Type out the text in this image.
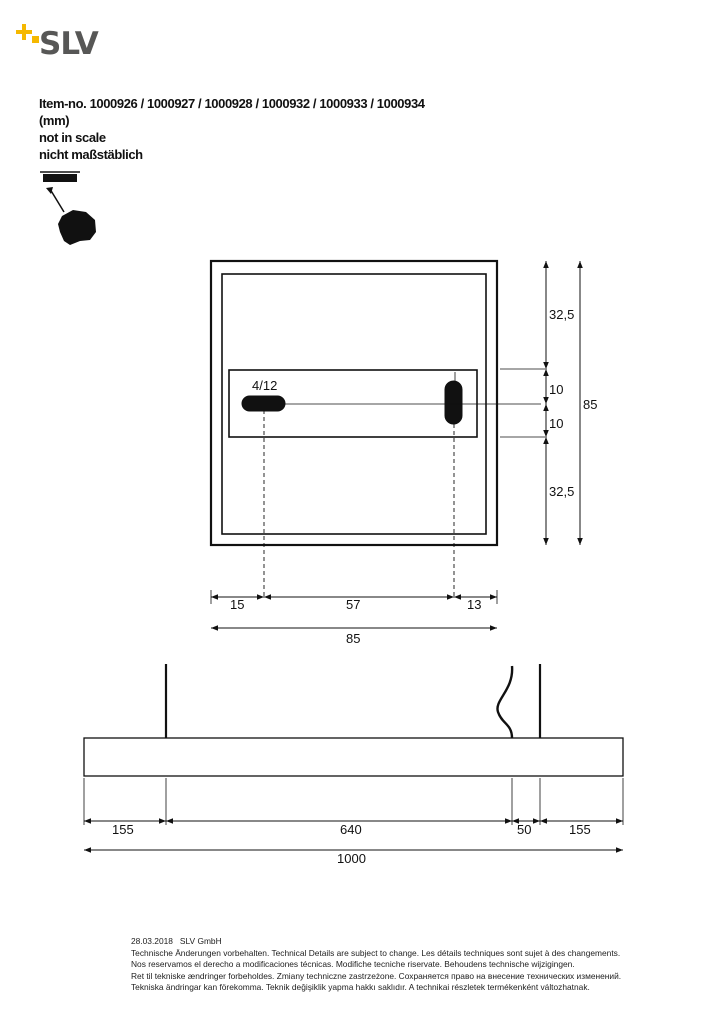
SLV
Item-no. 1000926 / 1000927 / 1000928 / 1000932 / 1000933 / 1000934
(mm)
not in scale
nicht maßstäblich
4/12
32,5
10
10
32,5
85
15	57	13
85
155	640	50	155
1000
28.03.2018 SLV GmbH
Technische Änderungen vorbehalten. Technical Details are subject to change. Les détails techniques sont sujet à des changements.
Nos reservamos el derecho a modificaciones técnicas. Modifiche tecniche riservate. Behoudens technische wijzigingen.
Ret til tekniske ændringer forbeholdes. Zmiany techniczne zastrzeżone. Сохраняется право на внесение технических изменений.
Tekniska ändringar kan förekomma. Teknik değişiklik yapma hakkı saklıdır. A technikai részletek termékenként változhatnak.
